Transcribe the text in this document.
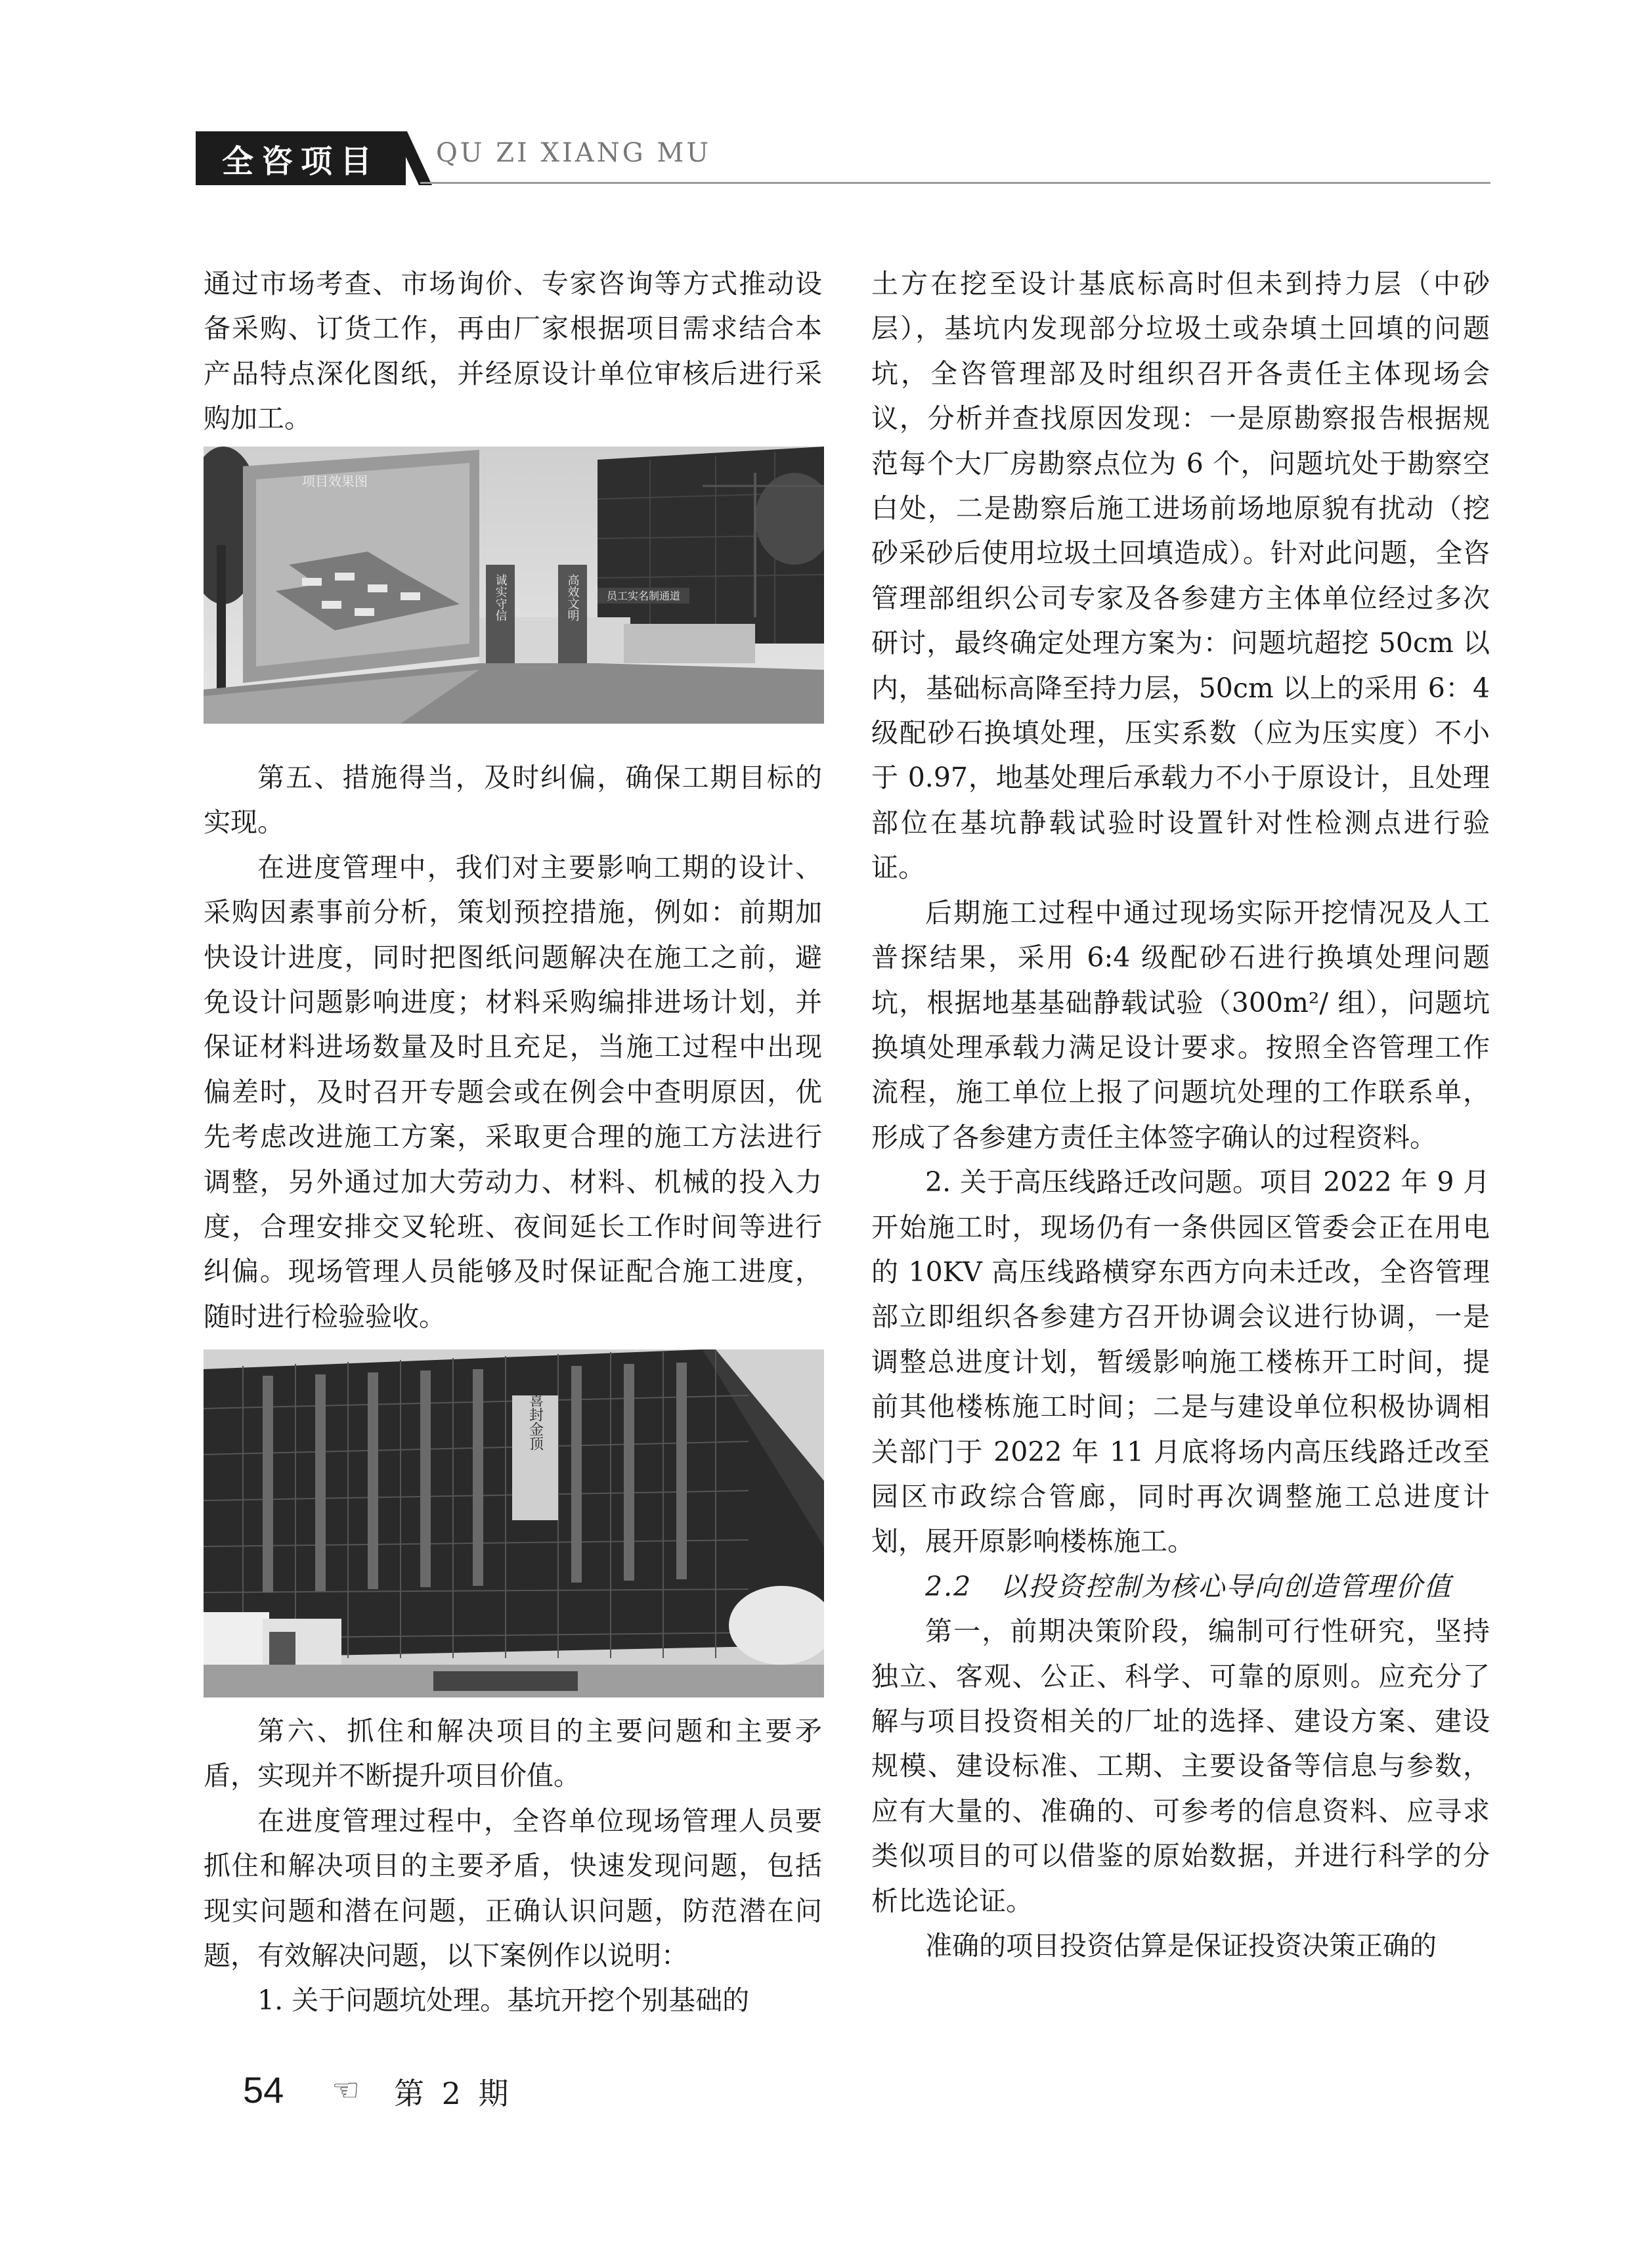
全咨项目 QU ZI XIANG MU

通过市场考查、市场询价、专家咨询等方式推动设备采购、订货工作，再由厂家根据项目需求结合本产品特点深化图纸，并经原设计单位审核后进行采购加工。

项目效果图
诚实守信	高效文明	员工实名制通道

第五、措施得当，及时纠偏，确保工期目标的实现。

在进度管理中，我们对主要影响工期的设计、采购因素事前分析，策划预控措施，例如：前期加快设计进度，同时把图纸问题解决在施工之前，避免设计问题影响进度；材料采购编排进场计划，并保证材料进场数量及时且充足，当施工过程中出现偏差时，及时召开专题会或在例会中查明原因，优先考虑改进施工方案，采取更合理的施工方法进行调整，另外通过加大劳动力、材料、机械的投入力度，合理安排交叉轮班、夜间延长工作时间等进行纠偏。现场管理人员能够及时保证配合施工进度，随时进行检验验收。

喜封金顶

第六、抓住和解决项目的主要问题和主要矛盾，实现并不断提升项目价值。

在进度管理过程中，全咨单位现场管理人员要抓住和解决项目的主要矛盾，快速发现问题，包括现实问题和潜在问题，正确认识问题，防范潜在问题，有效解决问题，以下案例作以说明：

1. 关于问题坑处理。基坑开挖个别基础的

土方在挖至设计基底标高时但未到持力层（中砂层），基坑内发现部分垃圾土或杂填土回填的问题坑，全咨管理部及时组织召开各责任主体现场会议，分析并查找原因发现：一是原勘察报告根据规范每个大厂房勘察点位为 6 个，问题坑处于勘察空白处，二是勘察后施工进场前场地原貌有扰动（挖砂采砂后使用垃圾土回填造成）。针对此问题，全咨管理部组织公司专家及各参建方主体单位经过多次研讨，最终确定处理方案为：问题坑超挖 50cm 以内，基础标高降至持力层，50cm 以上的采用 6：4 级配砂石换填处理，压实系数（应为压实度）不小于 0.97，地基处理后承载力不小于原设计，且处理部位在基坑静载试验时设置针对性检测点进行验证。

后期施工过程中通过现场实际开挖情况及人工普探结果，采用 6:4 级配砂石进行换填处理问题坑，根据地基基础静载试验（300m²/ 组），问题坑换填处理承载力满足设计要求。按照全咨管理工作流程，施工单位上报了问题坑处理的工作联系单，形成了各参建方责任主体签字确认的过程资料。

2. 关于高压线路迁改问题。项目 2022 年 9 月开始施工时，现场仍有一条供园区管委会正在用电的 10KV 高压线路横穿东西方向未迁改，全咨管理部立即组织各参建方召开协调会议进行协调，一是调整总进度计划，暂缓影响施工楼栋开工时间，提前其他楼栋施工时间；二是与建设单位积极协调相关部门于 2022 年 11 月底将场内高压线路迁改至园区市政综合管廊，同时再次调整施工总进度计划，展开原影响楼栋施工。

2.2　以投资控制为核心导向创造管理价值

第一，前期决策阶段，编制可行性研究，坚持独立、客观、公正、科学、可靠的原则。应充分了解与项目投资相关的厂址的选择、建设方案、建设规模、建设标准、工期、主要设备等信息与参数，应有大量的、准确的、可参考的信息资料、应寻求类似项目的可以借鉴的原始数据，并进行科学的分析比选论证。

准确的项目投资估算是保证投资决策正确的

54 ☜ 第 2 期
